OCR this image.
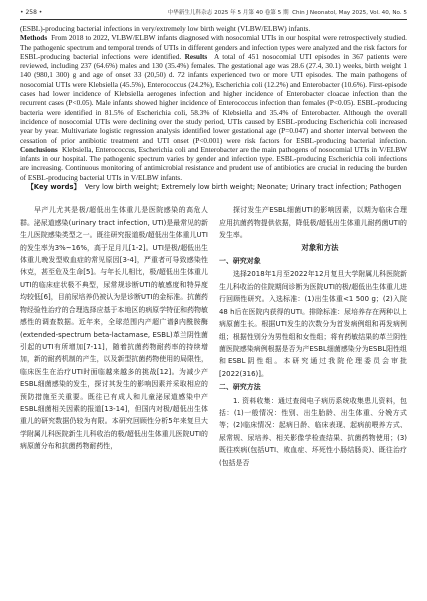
• 258 •	中华新生儿科杂志 2025 年 5 月第 40 卷第 5 期 Chin J Neonatol, May 2025, Vol. 40, No. 5

(ESBL)-producing bacterial infections in very/extremely low birth weight (VLBW/ELBW) infants.

Methods From 2018 to 2022, VLBW/ELBW infants diagnosed with nosocomial UTIs in our hospital were retrospectively studied. The pathogenic spectrum and temporal trends of UTIs in different genders and infection types were analyzed and the risk factors for ESBL-producing bacterial infections were identified. Results A total of 451 nosocomial UTI episodes in 367 patients were reviewed, including 237 (64.6%) males and 130 (35.4%) females. The gestational age was 28.6 (27.4, 30.1) weeks, birth weight 1 140 (980,1 300) g and age of onset 33 (20,50) d. 72 infants experienced two or more UTI episodes. The main pathogens of nosocomial UTIs were Klebsiella (45.5%), Enterococcus (24.2%), Escherichia coli (12.2%) and Enterobacter (10.6%). First-episode cases had lower incidence of Klebsiella aerogenes infection and higher incidence of Enterobacter cloacae infection than the recurrent cases (P<0.05). Male infants showed higher incidence of Enterococcus infection than females (P<0.05). ESBL-producing bacteria were identified in 81.5% of Escherichia coli, 58.3% of Klebsiella and 35.4% of Enterobacter. Although the overall incidence of nosocomial UTIs were declining over the study period, UTIs caused by ESBL-producing Escherichia coli increased year by year. Multivariate logistic regression analysis identified lower gestational age (P=0.047) and shorter interval between the cessation of prior antibiotic treatment and UTI onset (P<0.001) were risk factors for ESBL-producing bacterial infection. Conclusions Klebsiella, Enterococcus, Escherichia coli and Enterobacter are the main pathogens of nosocomial UTIs in V/ELBW infants in our hospital. The pathogenic spectrum varies by gender and infection type. ESBL-producing Escherichia coli infections are increasing. Continuous monitoring of antimicrobial resistance and prudent use of antibiotics are crucial in reducing the burden of ESBL-producing bacterial UTIs in V/ELBW infants.

【Key words】 Very low birth weight; Extremely low birth weight; Neonate; Urinary tract infection; Pathogen

早产儿尤其是极/超低出生体重儿是医院感染的高危人群。泌尿道感染(urinary tract infection, UTI)是最常见的新生儿医院感染类型之一。既往研究报道极/超低出生体重儿UTI的发生率为3%~16%，高于足月儿[1-2]。UTI是极/超低出生体重儿晚发型败血症的常见原因[3-4]，严重者可导致感染性休克，甚至危及生命[5]。与年长儿相比，极/超低出生体重儿UTI的临床症状极不典型，尿常规诊断UTI的敏感度和特异度均较低[6]，目前尿培养仍被认为是诊断UTI的金标准。抗菌药物经验性治疗的合理选择应基于本地区的病原学特征和药物敏感性的调查数据。近年来，全球范围内产超广谱β内酰胺酶(extended-spectrum beta-lactamase, ESBL)革兰阴性菌引起的UTI有所增加[7-11]，随着抗菌药物耐药率的持续增加，新的耐药机制的产生，以及新型抗菌药物使用的局限性，临床医生在治疗UTI时面临越来越多的挑战[12]。为减少产ESBL细菌感染的发生，探讨其发生的影响因素并采取相应的预防措施至关重要。既往已有成人和儿童泌尿道感染中产ESBL细菌相关因素的报道[13-14]，但国内对极/超低出生体重儿的研究数据仍较为有限。本研究回顾性分析5年来复旦大学附属儿科医院新生儿科收治的极/超低出生体重儿医院UTI的病原菌分布和抗菌药物耐药性，

探讨发生产ESBL细菌UTI的影响因素，以期为临床合理应用抗菌药物提供依据，降低极/超低出生体重儿耐药菌UTI的发生率。

对象和方法

一、研究对象

选择2018年1月至2022年12月复旦大学附属儿科医院新生儿科收治的住院期间诊断为医院UTI的极/超低出生体重儿进行回顾性研究。入选标准：(1)出生体重<1 500 g；(2)入院48 h后在医院内获得的UTI。排除标准：尿培养存在两种以上病原菌生长。根据UTI发生的次数分为首发病例组和再发病例组；根据性别分为男性组和女性组；将有药敏结果的革兰阴性菌医院感染病例根据是否为产ESBL细菌感染分为ESBL阳性组和ESBL阴性组。本研究通过我院伦理委员会审批[2022(316)]。

二、研究方法

1. 资料收集：通过查阅电子病历系统收集患儿资料，包括：(1)一般情况：性别、出生胎龄、出生体重、分娩方式等；(2)临床情况：起病日龄、临床表现、起病前喂养方式、尿常规、尿培养、相关影像学检查结果、抗菌药物使用；(3)既往疾病(包括UTI、败血症、坏死性小肠结肠炎)、既往治疗(包括是否
